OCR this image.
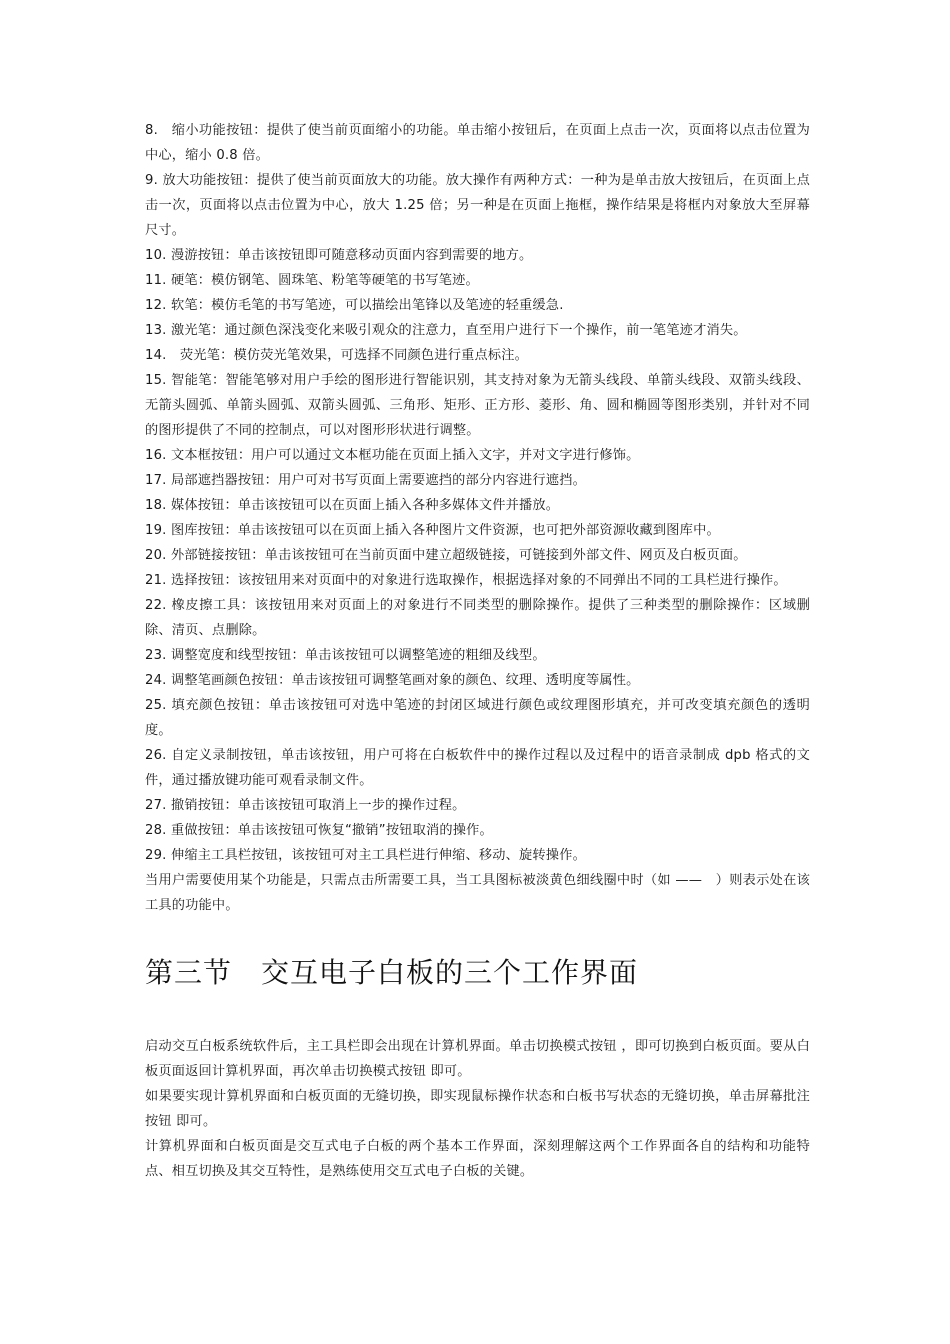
8.　缩小功能按钮：提供了使当前页面缩小的功能。单击缩小按钮后，在页面上点击一次，页面将以点击位置为中心，缩小 0.8 倍。

9. 放大功能按钮：提供了使当前页面放大的功能。放大操作有两种方式：一种为是单击放大按钮后，在页面上点击一次，页面将以点击位置为中心，放大 1.25 倍；另一种是在页面上拖框，操作结果是将框内对象放大至屏幕尺寸。

10. 漫游按钮：单击该按钮即可随意移动页面内容到需要的地方。

11. 硬笔：模仿钢笔、圆珠笔、粉笔等硬笔的书写笔迹。

12. 软笔：模仿毛笔的书写笔迹，可以描绘出笔锋以及笔迹的轻重缓急.

13. 激光笔：通过颜色深浅变化来吸引观众的注意力，直至用户进行下一个操作，前一笔笔迹才消失。

14.　荧光笔：模仿荧光笔效果，可选择不同颜色进行重点标注。

15. 智能笔：智能笔够对用户手绘的图形进行智能识别，其支持对象为无箭头线段、单箭头线段、双箭头线段、无箭头圆弧、单箭头圆弧、双箭头圆弧、三角形、矩形、正方形、菱形、角、圆和椭圆等图形类别，并针对不同的图形提供了不同的控制点，可以对图形形状进行调整。

16. 文本框按钮：用户可以通过文本框功能在页面上插入文字，并对文字进行修饰。

17. 局部遮挡器按钮：用户可对书写页面上需要遮挡的部分内容进行遮挡。

18. 媒体按钮：单击该按钮可以在页面上插入各种多媒体文件并播放。

19. 图库按钮：单击该按钮可以在页面上插入各种图片文件资源，也可把外部资源收藏到图库中。

20. 外部链接按钮：单击该按钮可在当前页面中建立超级链接，可链接到外部文件、网页及白板页面。

21. 选择按钮：该按钮用来对页面中的对象进行选取操作，根据选择对象的不同弹出不同的工具栏进行操作。

22. 橡皮擦工具：该按钮用来对页面上的对象进行不同类型的删除操作。提供了三种类型的删除操作：区域删除、清页、点删除。

23. 调整宽度和线型按钮：单击该按钮可以调整笔迹的粗细及线型。

24. 调整笔画颜色按钮：单击该按钮可调整笔画对象的颜色、纹理、透明度等属性。

25. 填充颜色按钮：单击该按钮可对选中笔迹的封闭区域进行颜色或纹理图形填充，并可改变填充颜色的透明度。

26. 自定义录制按钮，单击该按钮，用户可将在白板软件中的操作过程以及过程中的语音录制成 dpb 格式的文件，通过播放键功能可观看录制文件。

27. 撤销按钮：单击该按钮可取消上一步的操作过程。

28. 重做按钮：单击该按钮可恢复“撤销”按钮取消的操作。

29. 伸缩主工具栏按钮，该按钮可对主工具栏进行伸缩、移动、旋转操作。

当用户需要使用某个功能是，只需点击所需要工具，当工具图标被淡黄色细线圈中时（如 ——　）则表示处在该工具的功能中。

第三节　交互电子白板的三个工作界面

启动交互白板系统软件后，主工具栏即会出现在计算机界面。单击切换模式按钮 ，即可切换到白板页面。要从白板页面返回计算机界面，再次单击切换模式按钮 即可。

如果要实现计算机界面和白板页面的无缝切换，即实现鼠标操作状态和白板书写状态的无缝切换，单击屏幕批注按钮 即可。

计算机界面和白板页面是交互式电子白板的两个基本工作界面，深刻理解这两个工作界面各自的结构和功能特点、相互切换及其交互特性，是熟练使用交互式电子白板的关键。
